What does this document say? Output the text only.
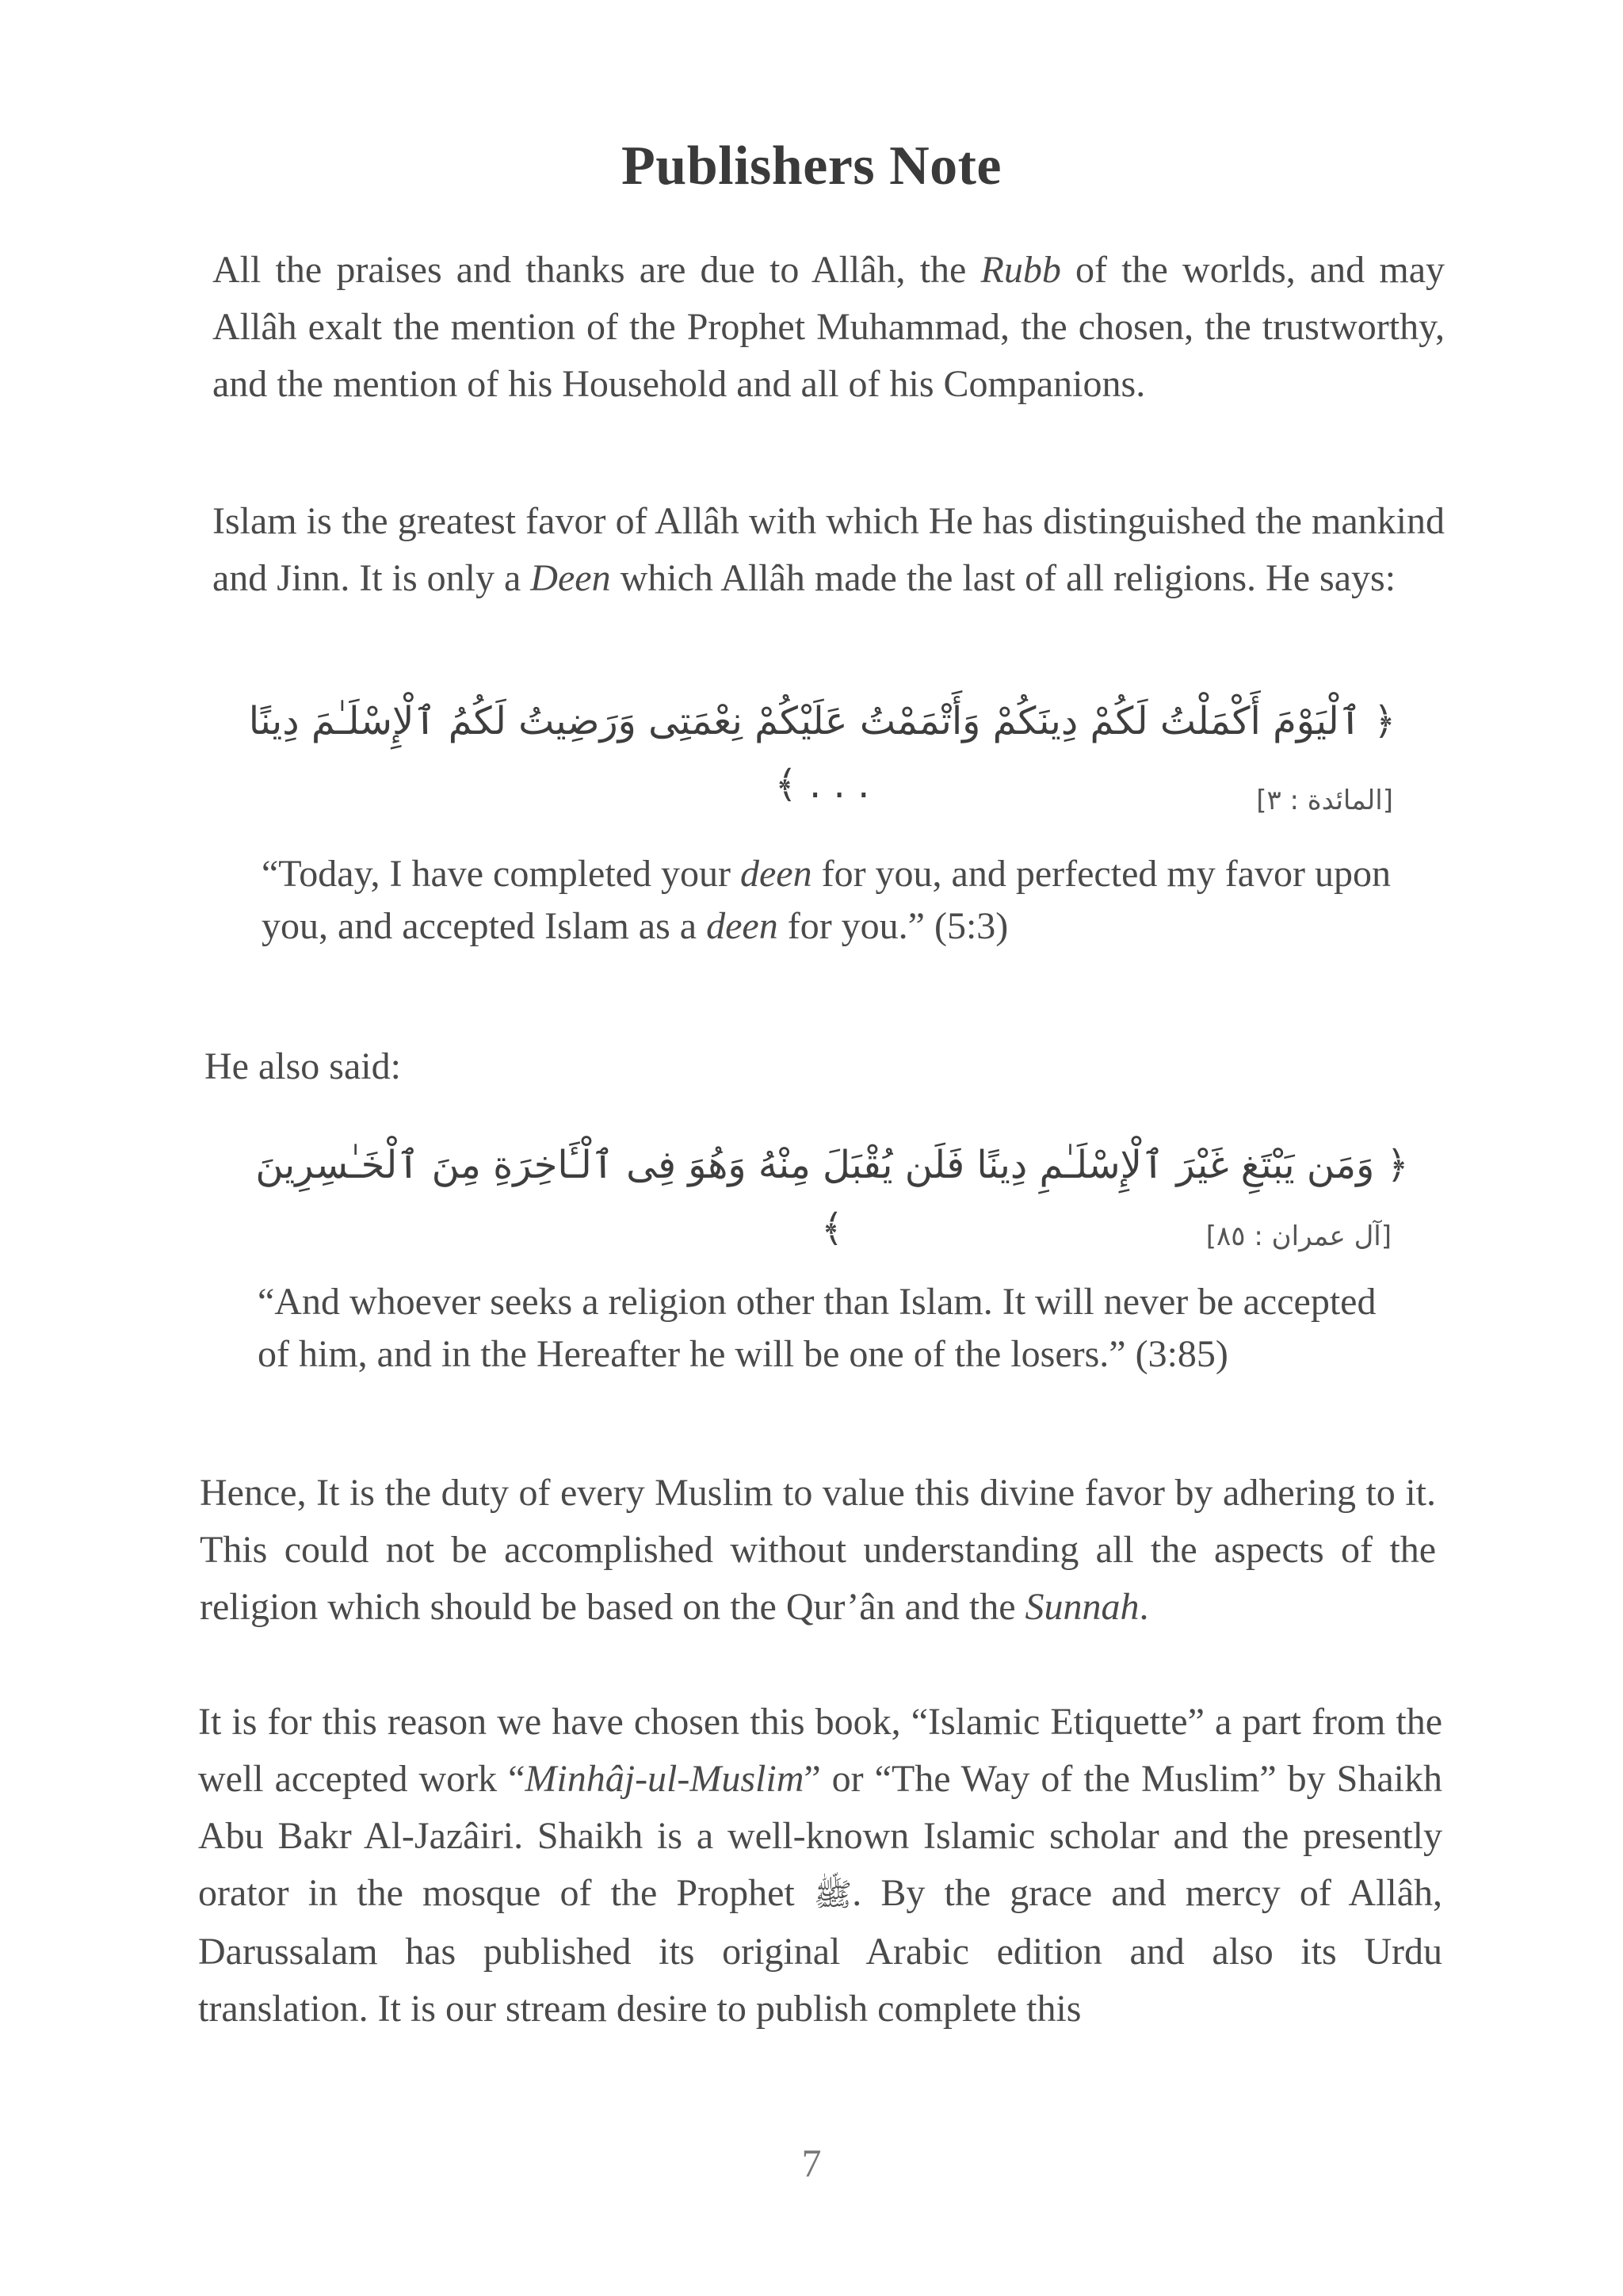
Publishers Note

All the praises and thanks are due to Allâh, the Rubb of the worlds, and may Allâh exalt the mention of the Prophet Muhammad, the chosen, the trustworthy, and the mention of his Household and all of his Companions.

Islam is the greatest favor of Allâh with which He has distinguished the mankind and Jinn. It is only a Deen which Allâh made the last of all religions. He says:

﴿ ٱلْيَوْمَ أَكْمَلْتُ لَكُمْ دِينَكُمْ وَأَتْمَمْتُ عَلَيْكُمْ نِعْمَتِى وَرَضِيتُ لَكُمُ ٱلْإِسْلَـٰمَ دِينًا . . . ﴾	[المائدة : ٣]

“Today, I have completed your deen for you, and perfected my favor upon you, and accepted Islam as a deen for you.” (5:3)

He also said:

﴿ وَمَن يَبْتَغِ غَيْرَ ٱلْإِسْلَـٰمِ دِينًا فَلَن يُقْبَلَ مِنْهُ وَهُوَ فِى ٱلْـَٔاخِرَةِ مِنَ ٱلْخَـٰسِرِينَ ﴾	[آل عمران : ٨٥]

“And whoever seeks a religion other than Islam. It will never be accepted of him, and in the Hereafter he will be one of the losers.” (3:85)

Hence, It is the duty of every Muslim to value this divine favor by adhering to it. This could not be accomplished without understanding all the aspects of the religion which should be based on the Qur’ân and the Sunnah.

It is for this reason we have chosen this book, “Islamic Etiquette” a part from the well accepted work “Minhâj-ul-Muslim” or “The Way of the Muslim” by Shaikh Abu Bakr Al-Jazâiri. Shaikh is a well-known Islamic scholar and the presently orator in the mosque of the Prophet ﷺ. By the grace and mercy of Allâh, Darussalam has published its original Arabic edition and also its Urdu translation. It is our stream desire to publish complete this

7
